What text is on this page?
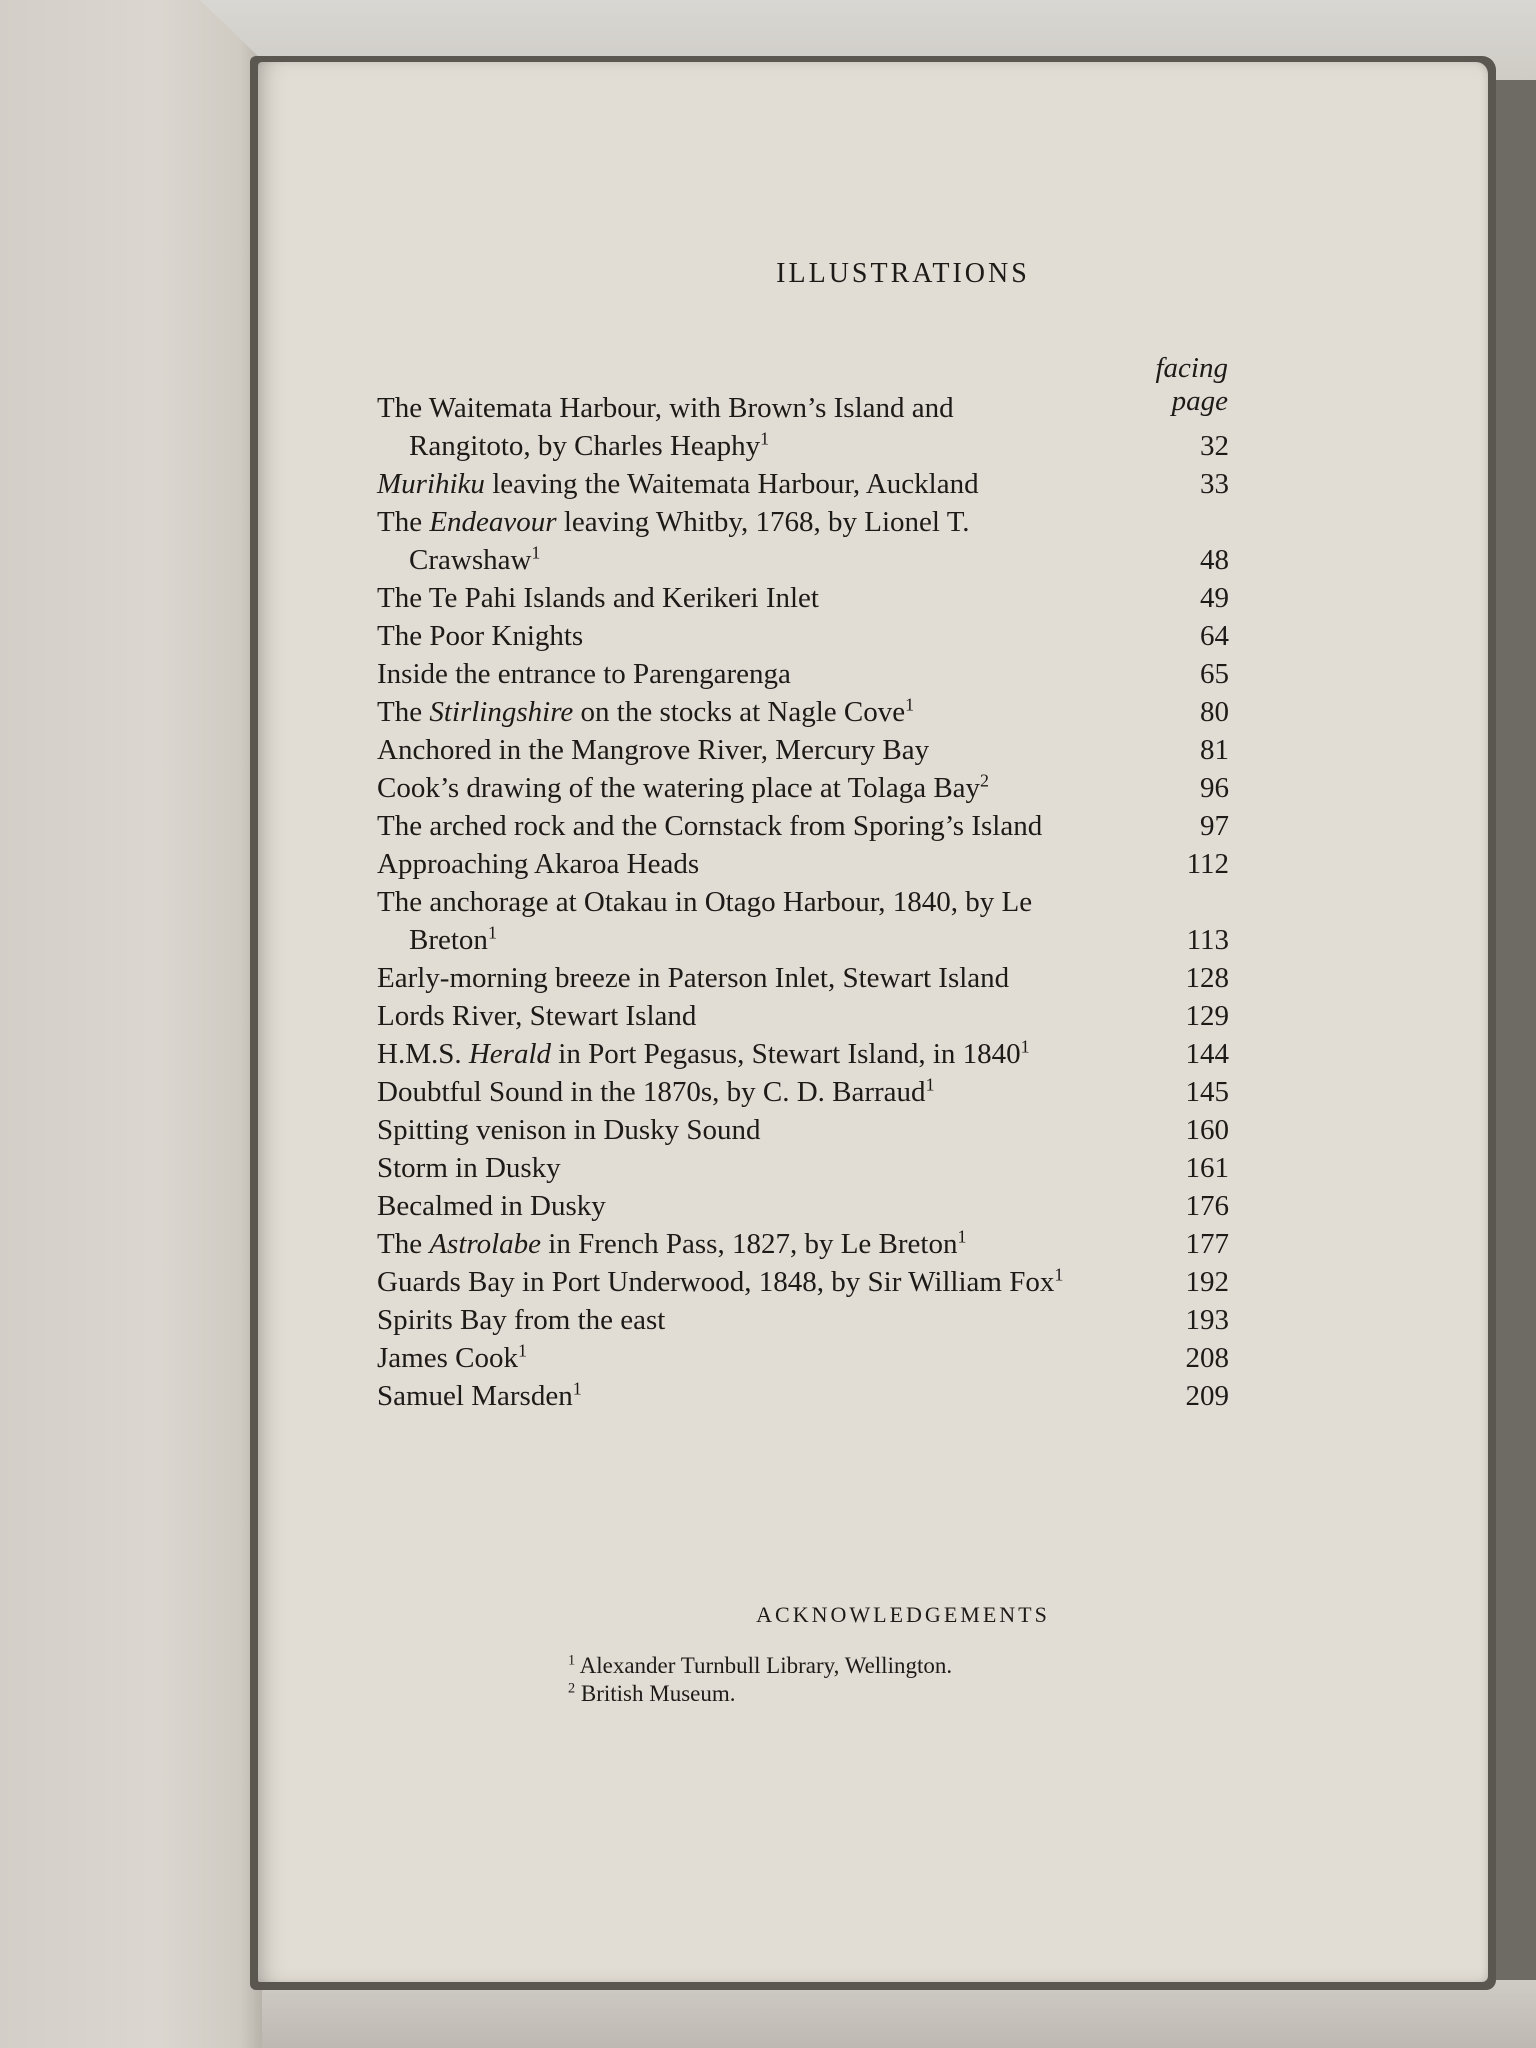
ILLUSTRATIONS
facing page
The Waitemata Harbour, with Brown’s Island and
Rangitoto, by Charles Heaphy$^1$	32
Murihiku leaving the Waitemata Harbour, Auckland	33
The Endeavour leaving Whitby, 1768, by Lionel T.
Crawshaw$^1$	48
The Te Pahi Islands and Kerikeri Inlet	49
The Poor Knights	64
Inside the entrance to Parengarenga	65
The Stirlingshire on the stocks at Nagle Cove$^1$	80
Anchored in the Mangrove River, Mercury Bay	81
Cook’s drawing of the watering place at Tolaga Bay$^2$	96
The arched rock and the Cornstack from Sporing’s Island	97
Approaching Akaroa Heads	112
The anchorage at Otakau in Otago Harbour, 1840, by Le
Breton$^1$	113
Early-morning breeze in Paterson Inlet, Stewart Island	128
Lords River, Stewart Island	129
H.M.S. Herald in Port Pegasus, Stewart Island, in 1840$^1$	144
Doubtful Sound in the 1870s, by C. D. Barraud$^1$	145
Spitting venison in Dusky Sound	160
Storm in Dusky	161
Becalmed in Dusky	176
The Astrolabe in French Pass, 1827, by Le Breton$^1$	177
Guards Bay in Port Underwood, 1848, by Sir William Fox$^1$	192
Spirits Bay from the east	193
James Cook$^1$	208
Samuel Marsden$^1$	209
ACKNOWLEDGEMENTS
$^1$ Alexander Turnbull Library, Wellington.
$^2$ British Museum.
